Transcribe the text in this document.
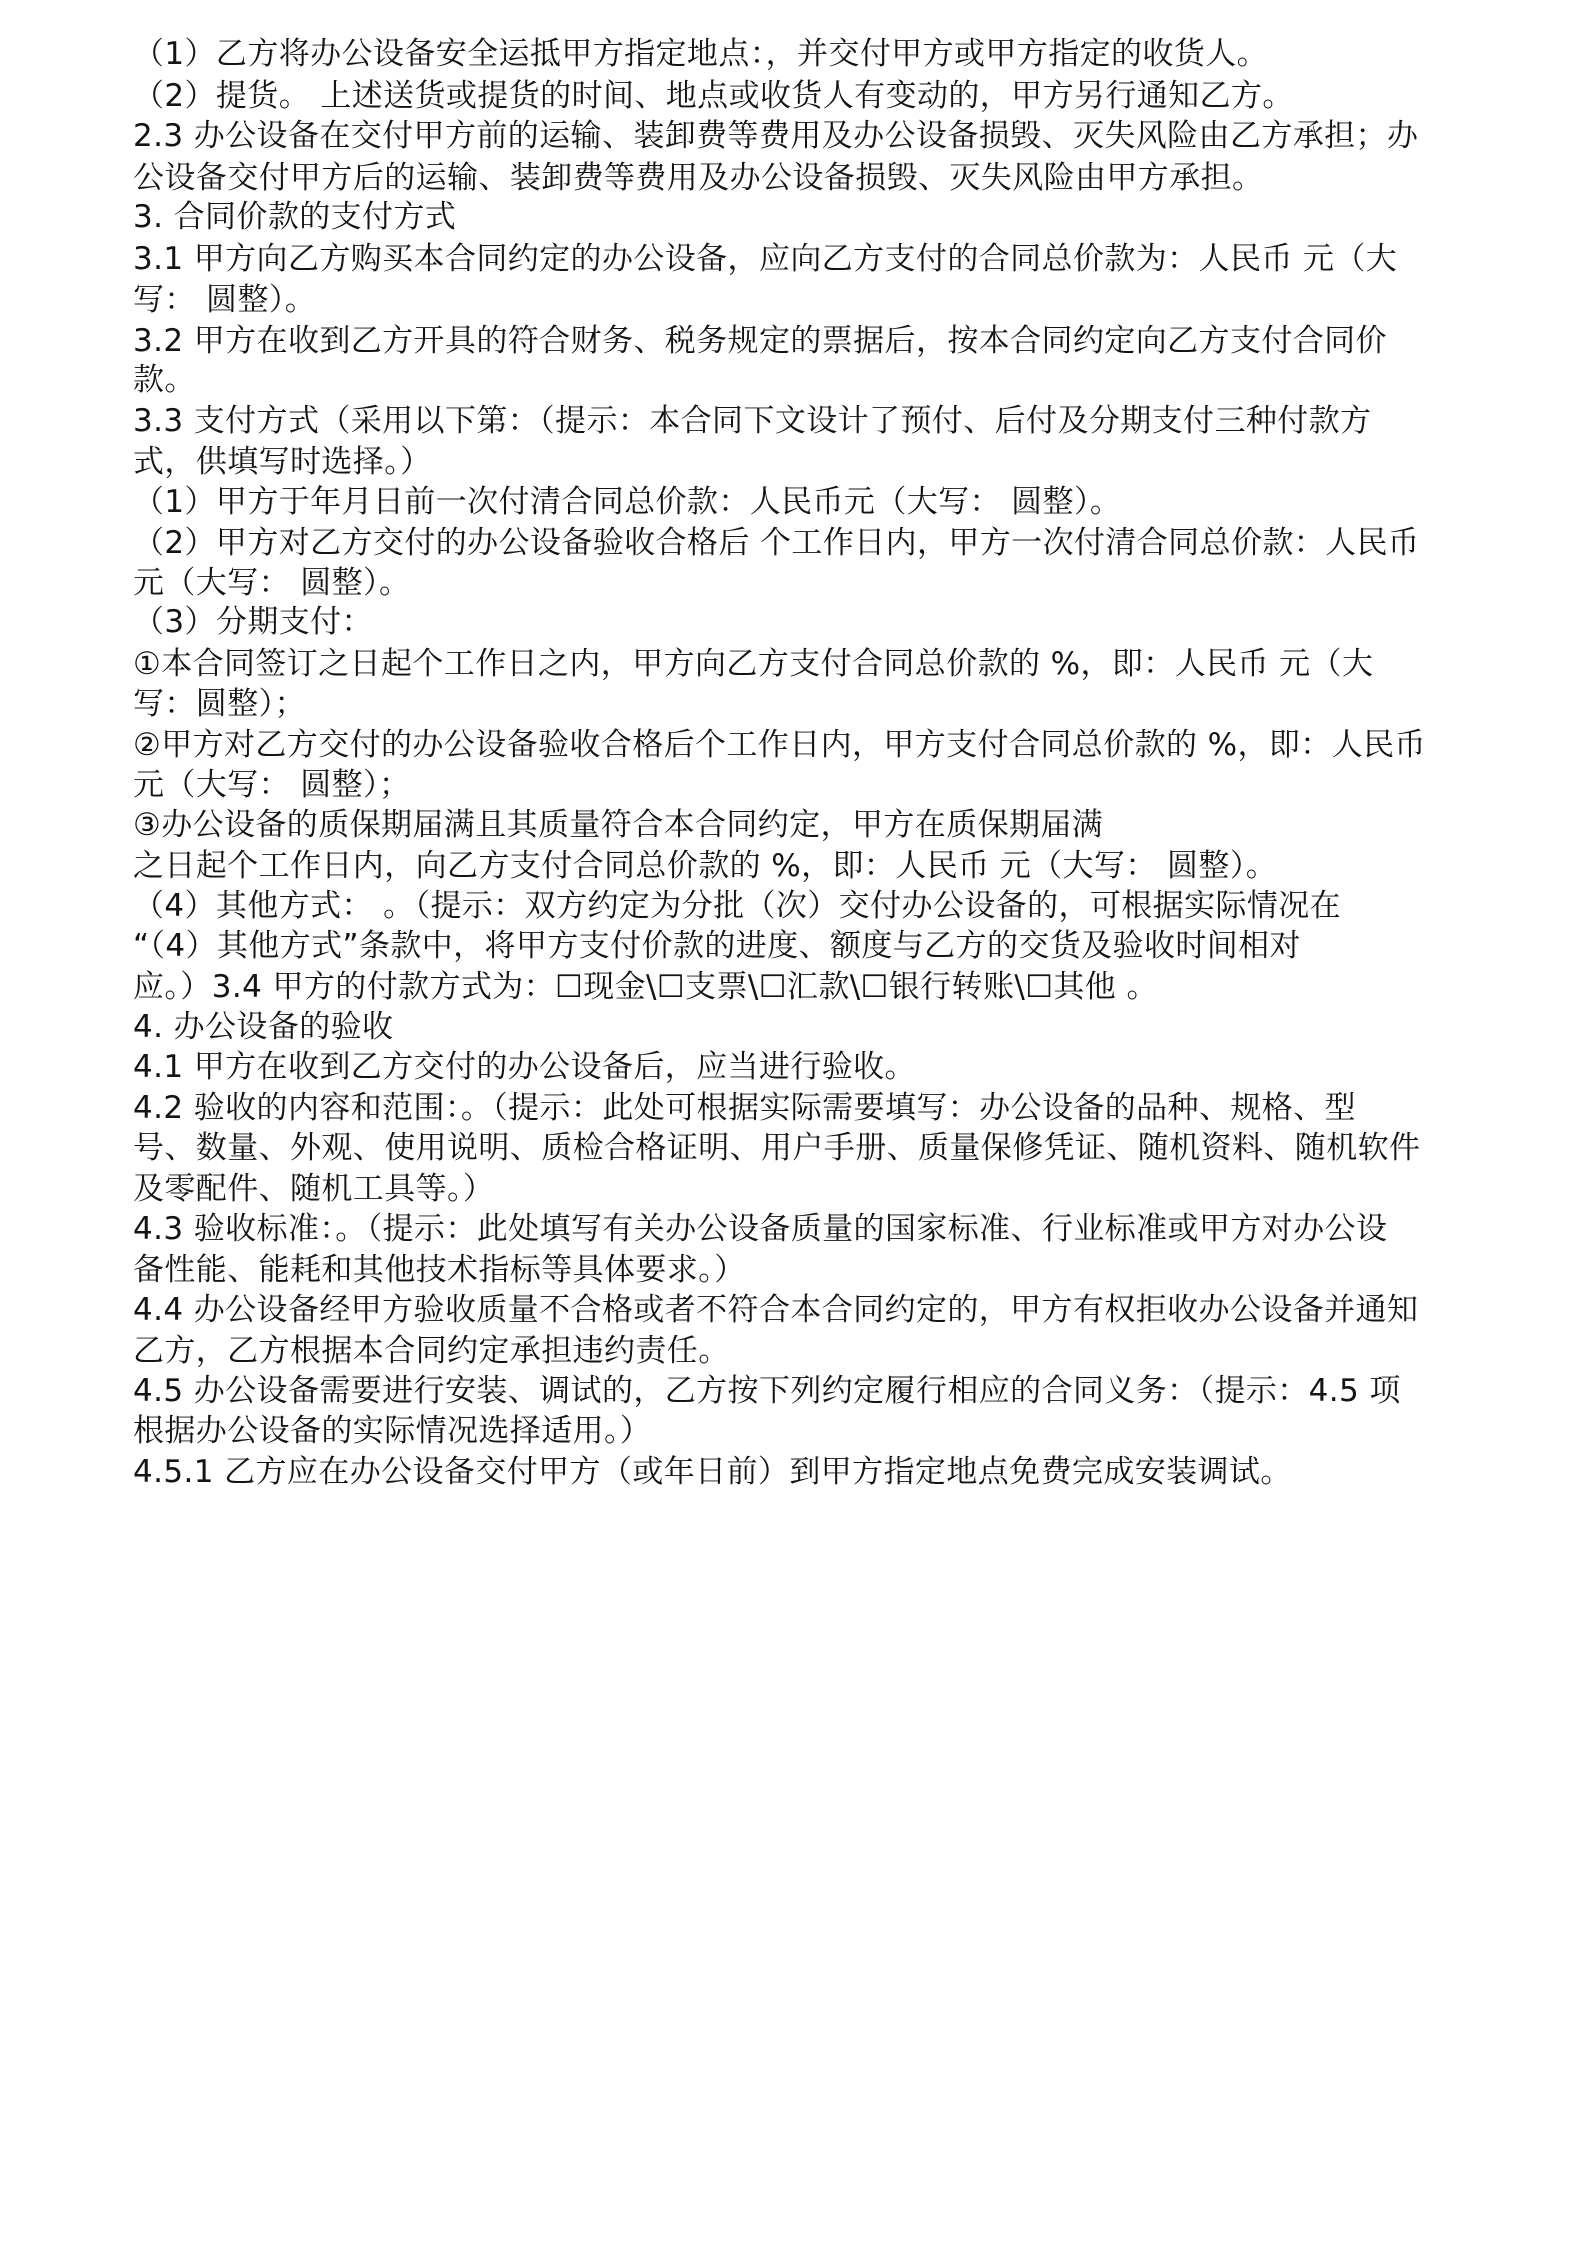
（1）乙方将办公设备安全运抵甲方指定地点：，并交付甲方或甲方指定的收货人。
（2）提货。 上述送货或提货的时间、地点或收货人有变动的，甲方另行通知乙方。
2.3 办公设备在交付甲方前的运输、装卸费等费用及办公设备损毁、灭失风险由乙方承担；办
公设备交付甲方后的运输、装卸费等费用及办公设备损毁、灭失风险由甲方承担。
3. 合同价款的支付方式
3.1 甲方向乙方购买本合同约定的办公设备，应向乙方支付的合同总价款为：人民币 元（大
写： 圆整）。
3.2 甲方在收到乙方开具的符合财务、税务规定的票据后，按本合同约定向乙方支付合同价
款。
3.3 支付方式（采用以下第：（提示：本合同下文设计了预付、后付及分期支付三种付款方
式，供填写时选择。）
（1）甲方于年月日前一次付清合同总价款：人民币元（大写： 圆整）。
（2）甲方对乙方交付的办公设备验收合格后 个工作日内，甲方一次付清合同总价款：人民币
元（大写： 圆整）。
（3）分期支付：
①本合同签订之日起个工作日之内，甲方向乙方支付合同总价款的 %，即：人民币 元（大
写：圆整）；
②甲方对乙方交付的办公设备验收合格后个工作日内，甲方支付合同总价款的 %，即：人民币
元（大写： 圆整）；
③办公设备的质保期届满且其质量符合本合同约定，甲方在质保期届满
之日起个工作日内，向乙方支付合同总价款的 %，即：人民币 元（大写： 圆整）。
（4）其他方式： 。（提示：双方约定为分批（次）交付办公设备的，可根据实际情况在
“（4）其他方式”条款中，将甲方支付价款的进度、额度与乙方的交货及验收时间相对
应。）3.4 甲方的付款方式为：☐现金\☐支票\☐汇款\☐银行转账\☐其他 。
4. 办公设备的验收
4.1 甲方在收到乙方交付的办公设备后，应当进行验收。
4.2 验收的内容和范围：。（提示：此处可根据实际需要填写：办公设备的品种、规格、型
号、数量、外观、使用说明、质检合格证明、用户手册、质量保修凭证、随机资料、随机软件
及零配件、随机工具等。）
4.3 验收标准：。（提示：此处填写有关办公设备质量的国家标准、行业标准或甲方对办公设
备性能、能耗和其他技术指标等具体要求。）
4.4 办公设备经甲方验收质量不合格或者不符合本合同约定的，甲方有权拒收办公设备并通知
乙方，乙方根据本合同约定承担违约责任。
4.5 办公设备需要进行安装、调试的，乙方按下列约定履行相应的合同义务：（提示：4.5 项
根据办公设备的实际情况选择适用。）
4.5.1 乙方应在办公设备交付甲方（或年日前）到甲方指定地点免费完成安装调试。
